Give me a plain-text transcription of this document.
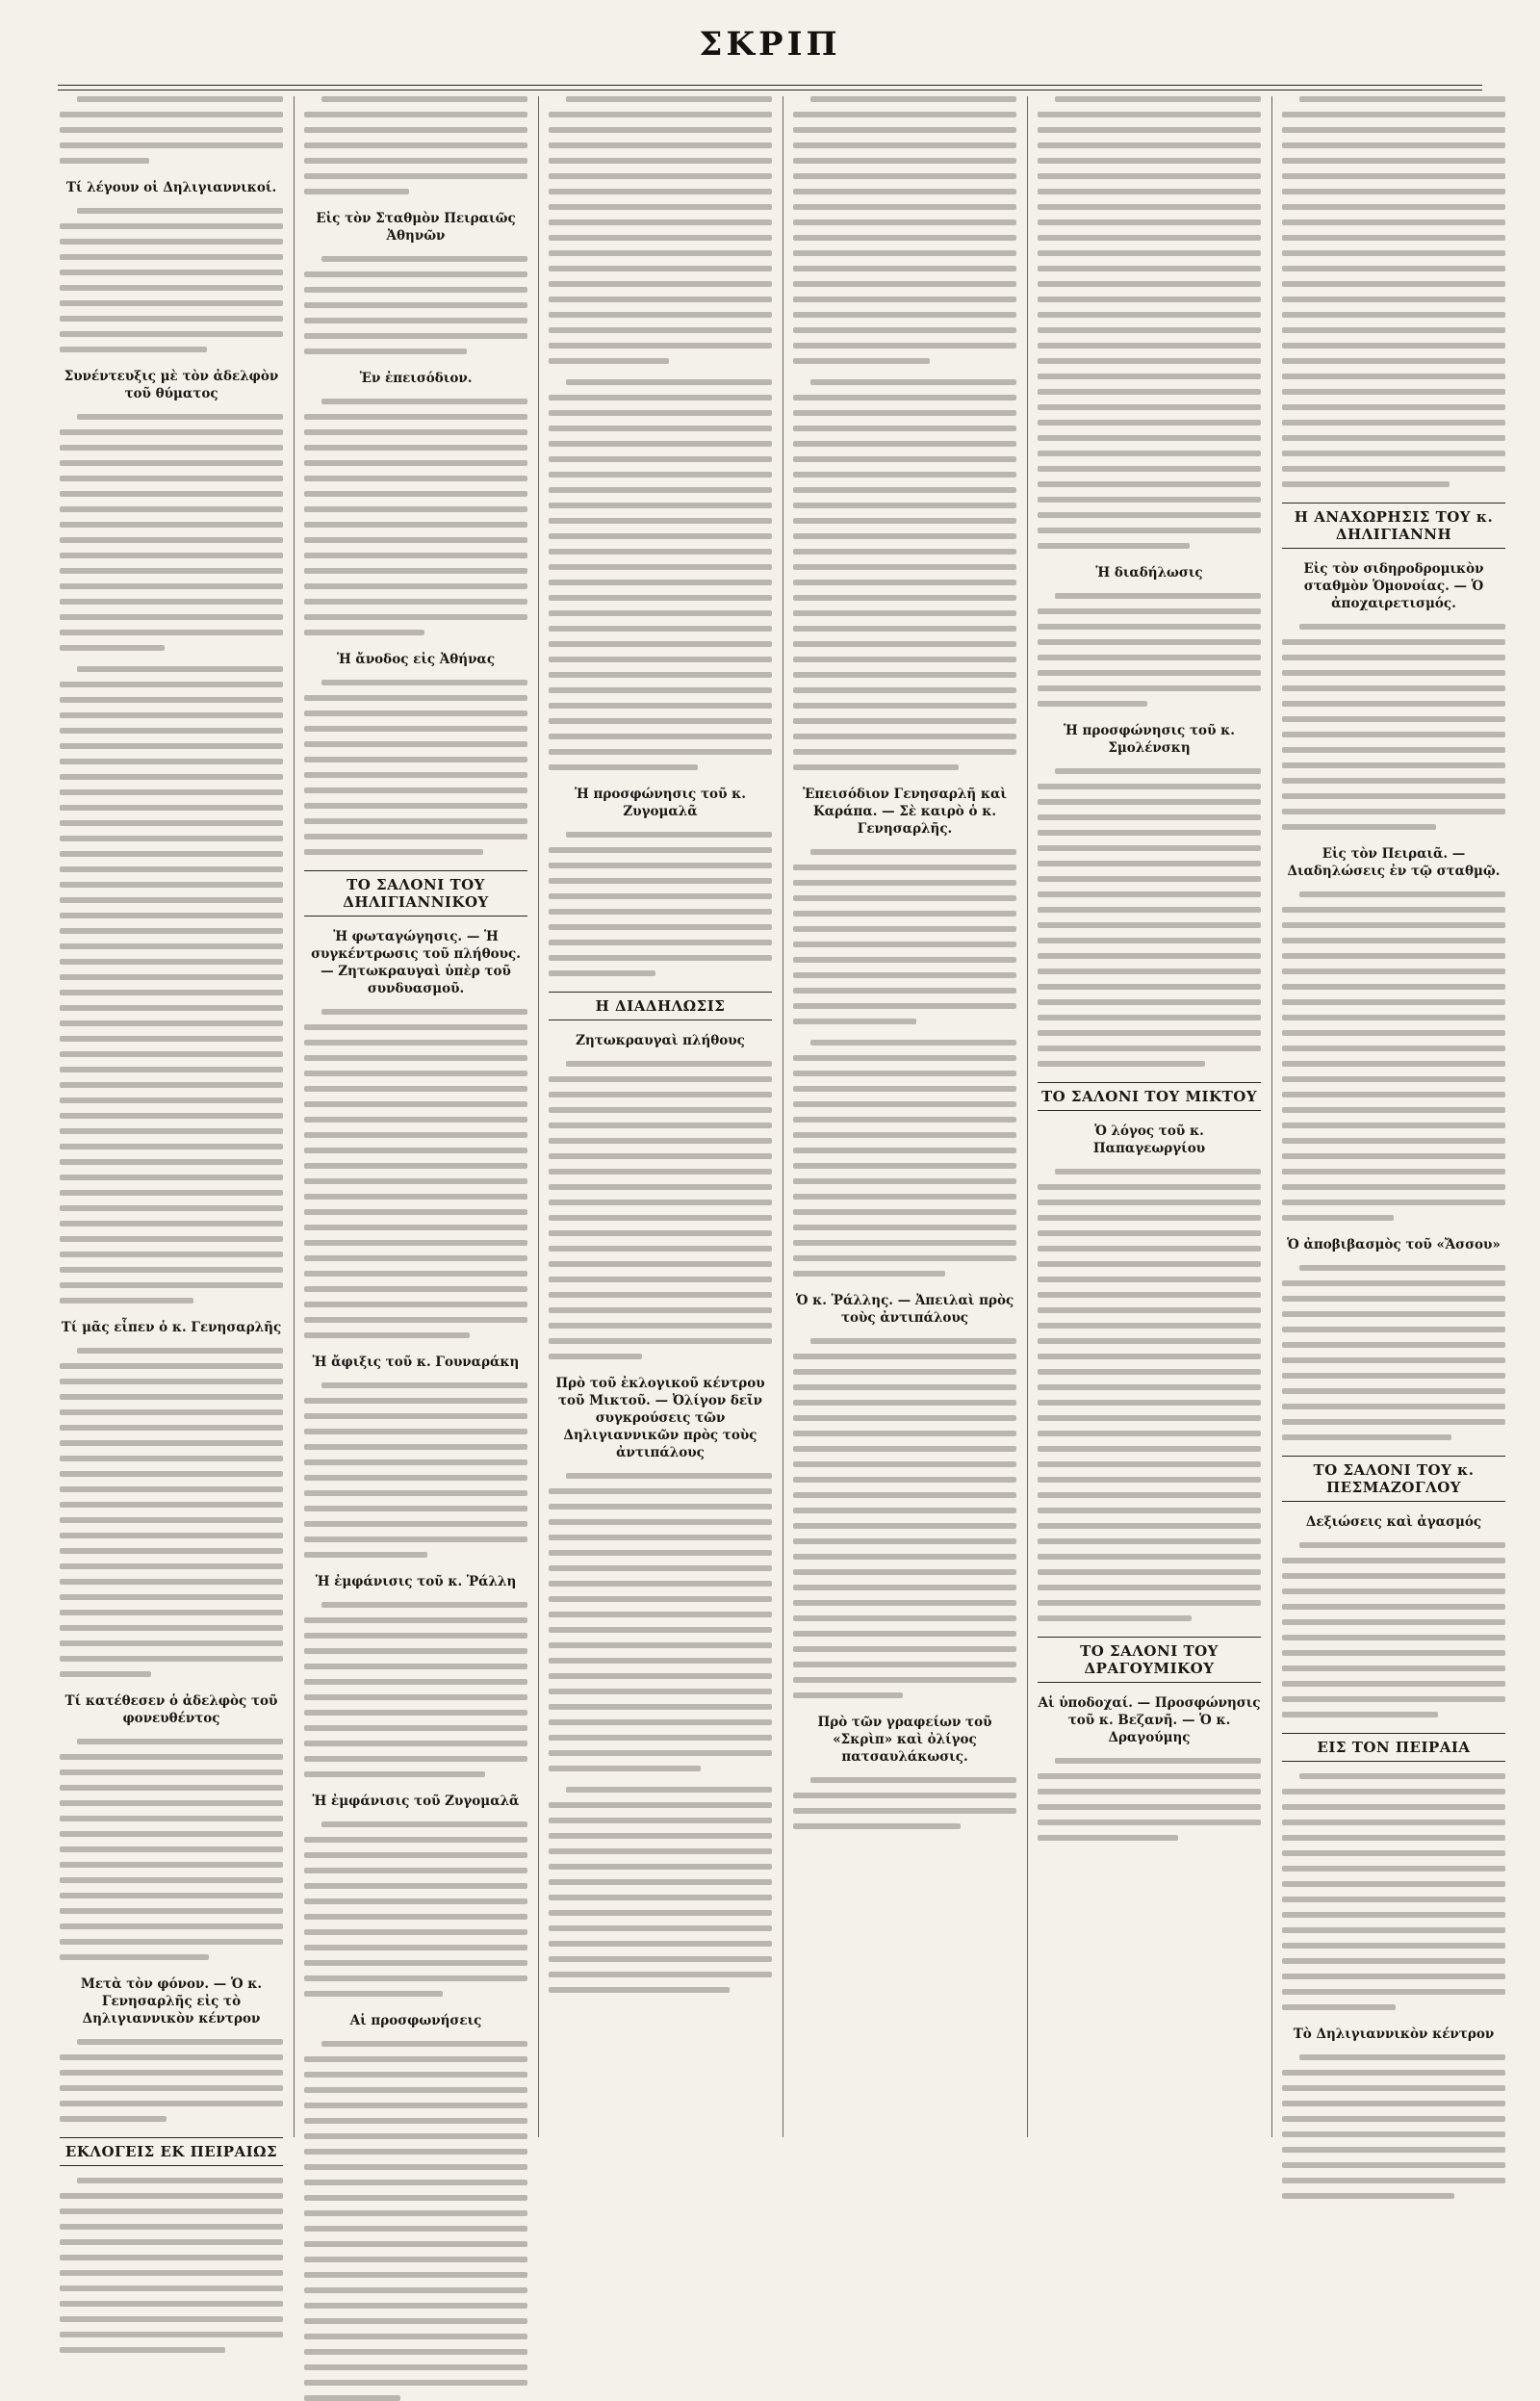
ΣΚΡΙΠ
Τί λέγουν οἱ Δηλιγιαννικοί.
Συνέντευξις μὲ τὸν ἀδελφὸν τοῦ θύματος
Τί μᾶς εἶπεν ὁ κ. Γενησαρλῆς
Τί κατέθεσεν ὁ ἀδελφὸς τοῦ φονευθέντος
Μετὰ τὸν φόνον. — Ὁ κ. Γενησαρλῆς εἰς τὸ Δηλιγιαννικὸν κέντρον
ΕΚΛΟΓΕΙΣ ΕΚ ΠΕΙΡΑΙΩΣ
Εἰς τὸν Σταθμὸν Πειραιῶς Ἀθηνῶν
Ἐν ἐπεισόδιον.
Ἡ ἄνοδος εἰς Ἀθήνας
ΤΟ ΣΑΛΟΝΙ ΤΟΥ ΔΗΛΙΓΙΑΝΝΙΚΟΥ
Ἡ φωταγώγησις. — Ἡ συγκέντρωσις τοῦ πλήθους. — Ζητωκραυγαὶ ὑπὲρ τοῦ συνδυασμοῦ.
Ἡ ἄφιξις τοῦ κ. Γουναράκη
Ἡ ἐμφάνισις τοῦ κ. Ῥάλλη
Ἡ ἐμφάνισις τοῦ Ζυγομαλᾶ
Αἱ προσφωνήσεις
Ἡ προσφώνησις τοῦ κ. Ζυγομαλᾶ
Η ΔΙΑΔΗΛΩΣΙΣ
Ζητωκραυγαὶ πλήθους
Πρὸ τοῦ ἐκλογικοῦ κέντρου τοῦ Μικτοῦ. — Ὀλίγον δεῖν συγκρούσεις τῶν Δηλιγιαννικῶν πρὸς τοὺς ἀντιπάλους
Ἐπεισόδιον Γενησαρλῆ καὶ Καράπα. — Σὲ καιρὸ ὁ κ. Γενησαρλῆς.
Ὁ κ. Ῥάλλης. — Ἀπειλαὶ πρὸς τοὺς ἀντιπάλους
Πρὸ τῶν γραφείων τοῦ «Σκρὶπ» καὶ ὀλίγος πατσαυλάκωσις.
Ἡ διαδήλωσις
Ἡ προσφώνησις τοῦ κ. Σμολένσκη
ΤΟ ΣΑΛΟΝΙ ΤΟΥ ΜΙΚΤΟΥ
Ὁ λόγος τοῦ κ. Παπαγεωργίου
ΤΟ ΣΑΛΟΝΙ ΤΟΥ ΔΡΑΓΟΥΜΙΚΟΥ
Αἱ ὑποδοχαί. — Προσφώνησις τοῦ κ. Βεζανῆ. — Ὁ κ. Δραγούμης
Η ΑΝΑΧΩΡΗΣΙΣ ΤΟΥ κ. ΔΗΛΙΓΙΑΝΝΗ
Εἰς τὸν σιδηροδρομικὸν σταθμὸν Ὁμονοίας. — Ὁ ἀποχαιρετισμός.
Εἰς τὸν Πειραιᾶ. — Διαδηλώσεις ἐν τῷ σταθμῷ.
Ὁ ἀποβιβασμὸς τοῦ «Ἄσσου»
ΤΟ ΣΑΛΟΝΙ ΤΟΥ κ. ΠΕΣΜΑΖΟΓΛΟΥ
Δεξιώσεις καὶ ἀγασμός
ΕΙΣ ΤΟΝ ΠΕΙΡΑΙΑ
Τὸ Δηλιγιαννικὸν κέντρον
